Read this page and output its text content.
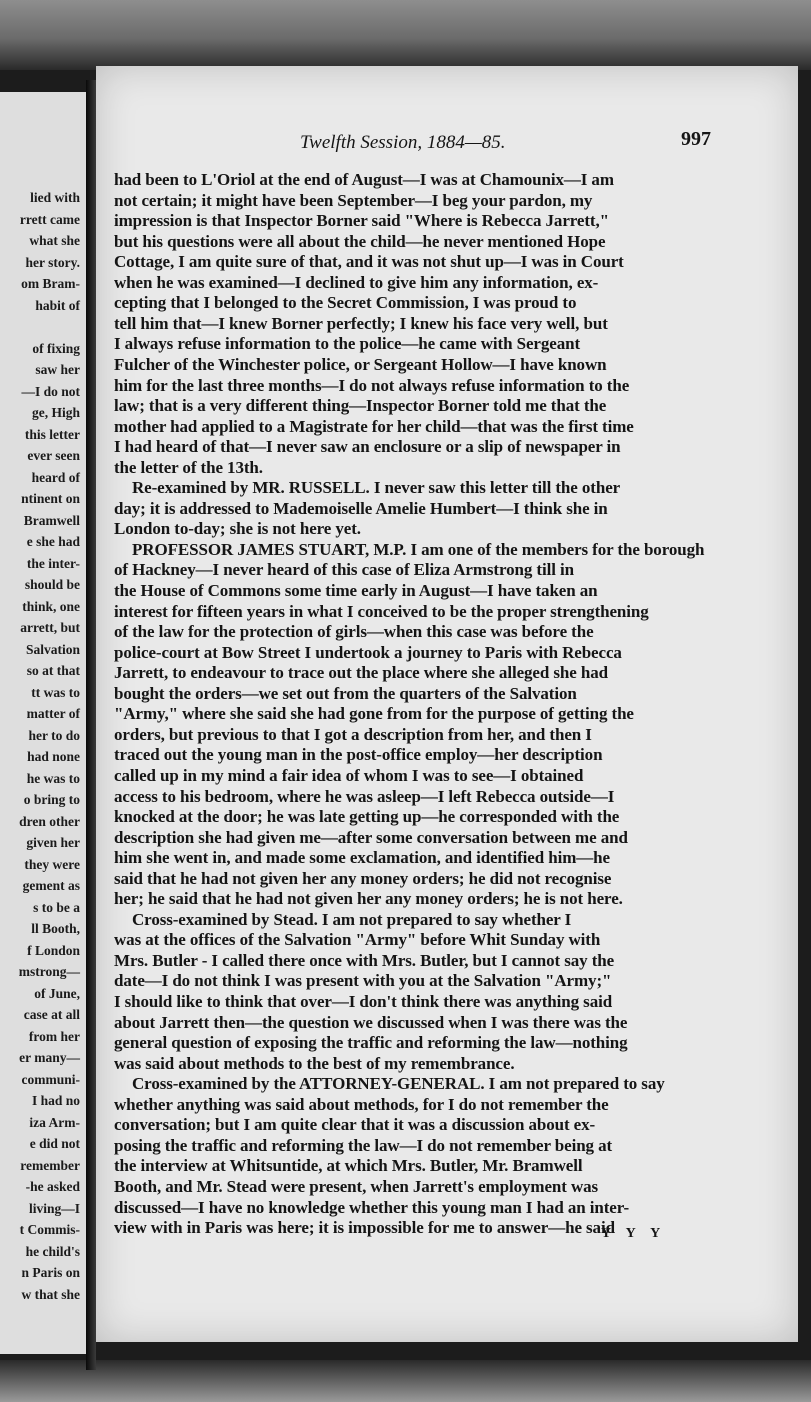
lied with
rrett came
what she
her story.
om Bram-
habit of
of fixing
saw her
—I do not
ge, High
this letter
ever seen
heard of
ntinent on
Bramwell
e she had
the inter-
should be
think, one
arrett, but
Salvation
so at that
tt was to
matter of
her to do
had none
he was to
o bring to
dren other
given her
they were
gement as
s to be a
ll Booth,
f London
mstrong—
of June,
case at all
from her
er many—
communi-
I had no
iza Arm-
e did not
remember
-he asked
living—I
t Commis-
he child's
n Paris on
w that she
Twelfth Session, 1884—85.	997
Y Y Y
had been to L'Oriol at the end of August—I was at Chamounix—I am
not certain; it might have been September—I beg your pardon, my
impression is that Inspector Borner said "Where is Rebecca Jarrett,"
but his questions were all about the child—he never mentioned Hope
Cottage, I am quite sure of that, and it was not shut up—I was in Court
when he was examined—I declined to give him any information, ex-
cepting that I belonged to the Secret Commission, I was proud to
tell him that—I knew Borner perfectly; I knew his face very well, but
I always refuse information to the police—he came with Sergeant
Fulcher of the Winchester police, or Sergeant Hollow—I have known
him for the last three months—I do not always refuse information to the
law; that is a very different thing—Inspector Borner told me that the
mother had applied to a Magistrate for her child—that was the first time
I had heard of that—I never saw an enclosure or a slip of newspaper in
the letter of the 13th.
Re-examined by MR. RUSSELL. I never saw this letter till the other
day; it is addressed to Mademoiselle Amelie Humbert—I think she in
London to-day; she is not here yet.
PROFESSOR JAMES STUART, M.P. I am one of the members for the borough
of Hackney—I never heard of this case of Eliza Armstrong till in
the House of Commons some time early in August—I have taken an
interest for fifteen years in what I conceived to be the proper strengthening
of the law for the protection of girls—when this case was before the
police-court at Bow Street I undertook a journey to Paris with Rebecca
Jarrett, to endeavour to trace out the place where she alleged she had
bought the orders—we set out from the quarters of the Salvation
"Army," where she said she had gone from for the purpose of getting the
orders, but previous to that I got a description from her, and then I
traced out the young man in the post-office employ—her description
called up in my mind a fair idea of whom I was to see—I obtained
access to his bedroom, where he was asleep—I left Rebecca outside—I
knocked at the door; he was late getting up—he corresponded with the
description she had given me—after some conversation between me and
him she went in, and made some exclamation, and identified him—he
said that he had not given her any money orders; he did not recognise
her; he said that he had not given her any money orders; he is not here.
Cross-examined by Stead. I am not prepared to say whether I
was at the offices of the Salvation "Army" before Whit Sunday with
Mrs. Butler - I called there once with Mrs. Butler, but I cannot say the
date—I do not think I was present with you at the Salvation "Army;"
I should like to think that over—I don't think there was anything said
about Jarrett then—the question we discussed when I was there was the
general question of exposing the traffic and reforming the law—nothing
was said about methods to the best of my remembrance.
Cross-examined by the ATTORNEY-GENERAL. I am not prepared to say
whether anything was said about methods, for I do not remember the
conversation; but I am quite clear that it was a discussion about ex-
posing the traffic and reforming the law—I do not remember being at
the interview at Whitsuntide, at which Mrs. Butler, Mr. Bramwell
Booth, and Mr. Stead were present, when Jarrett's employment was
discussed—I have no knowledge whether this young man I had an inter-
view with in Paris was here; it is impossible for me to answer—he said
